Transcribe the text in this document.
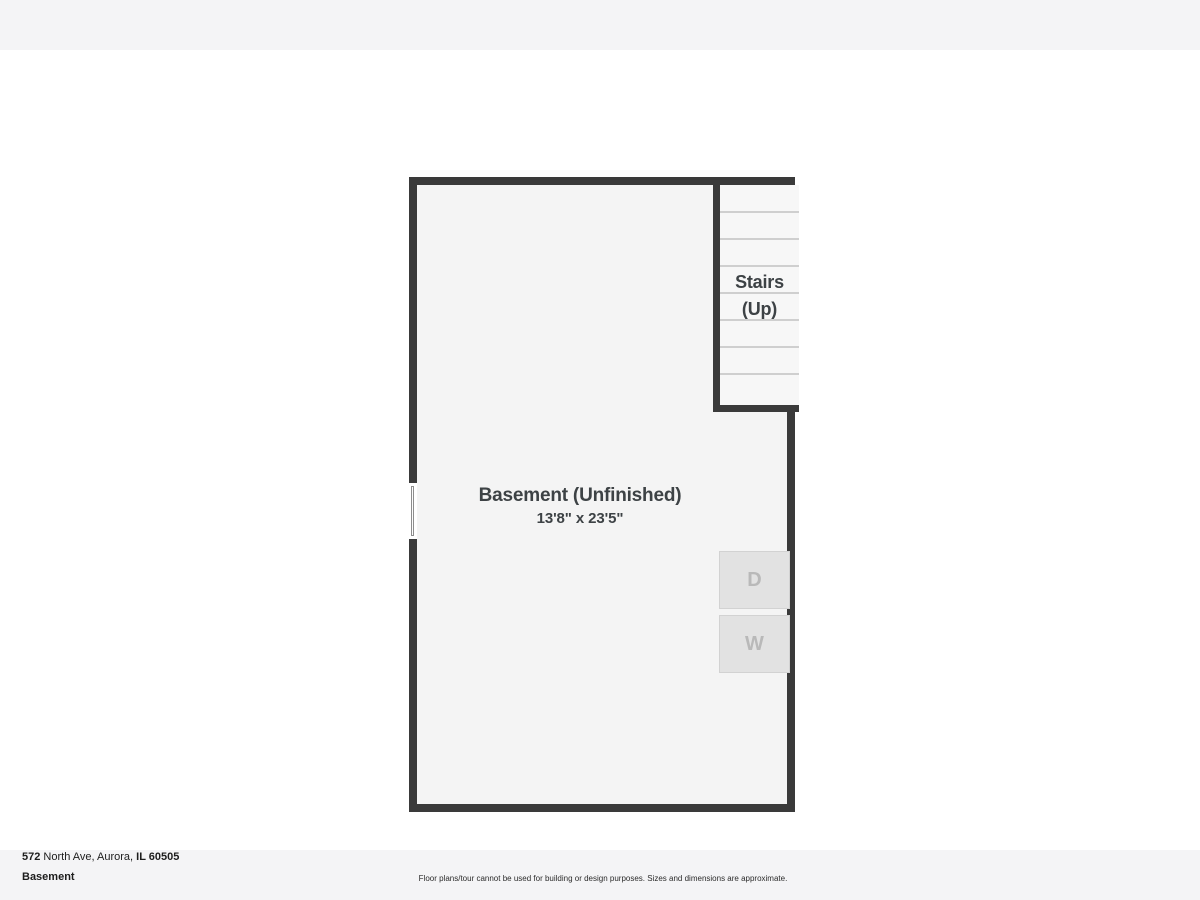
Stairs
(Up)
Basement (Unfinished)
13'8" x 23'5"
D
W
572 North Ave, Aurora, IL 60505
Basement	Floor plans/tour cannot be used for building or design purposes. Sizes and dimensions are approximate.
